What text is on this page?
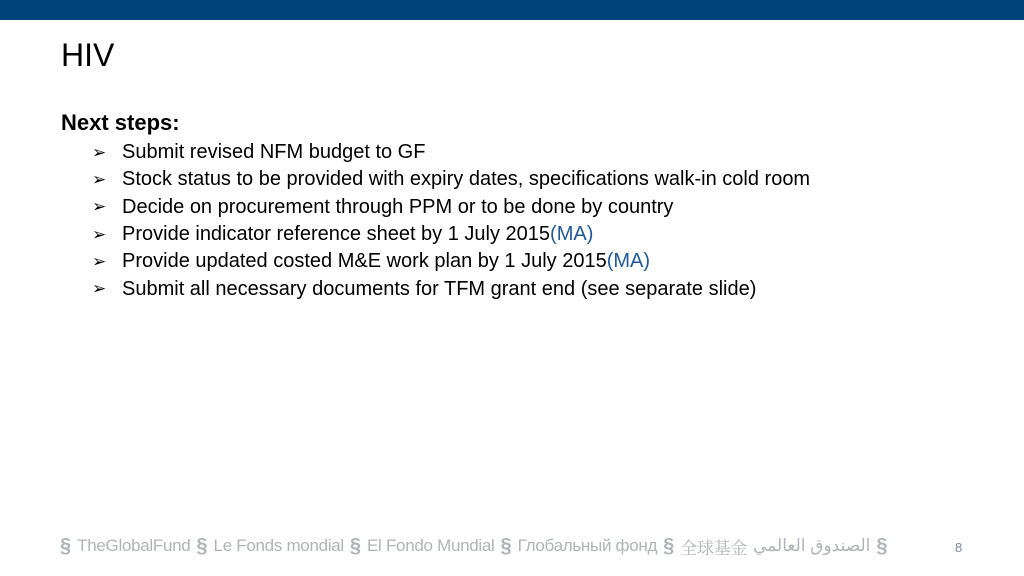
HIV
Next steps:
➢ Submit revised NFM budget to GF
➢ Stock status to be provided with expiry dates, specifications walk-in cold room
➢ Decide on procurement through PPM or to be done by country
➢ Provide indicator reference sheet by 1 July 2015 (MA)
➢ Provide updated costed M&E work plan by 1 July 2015 (MA)
➢ Submit all necessary documents for TFM grant end (see separate slide)
§ TheGlobalFund § Le Fonds mondial § El Fondo Mundial § Глобальный фонд § 全球基金 الصندوق العالمي §	8
